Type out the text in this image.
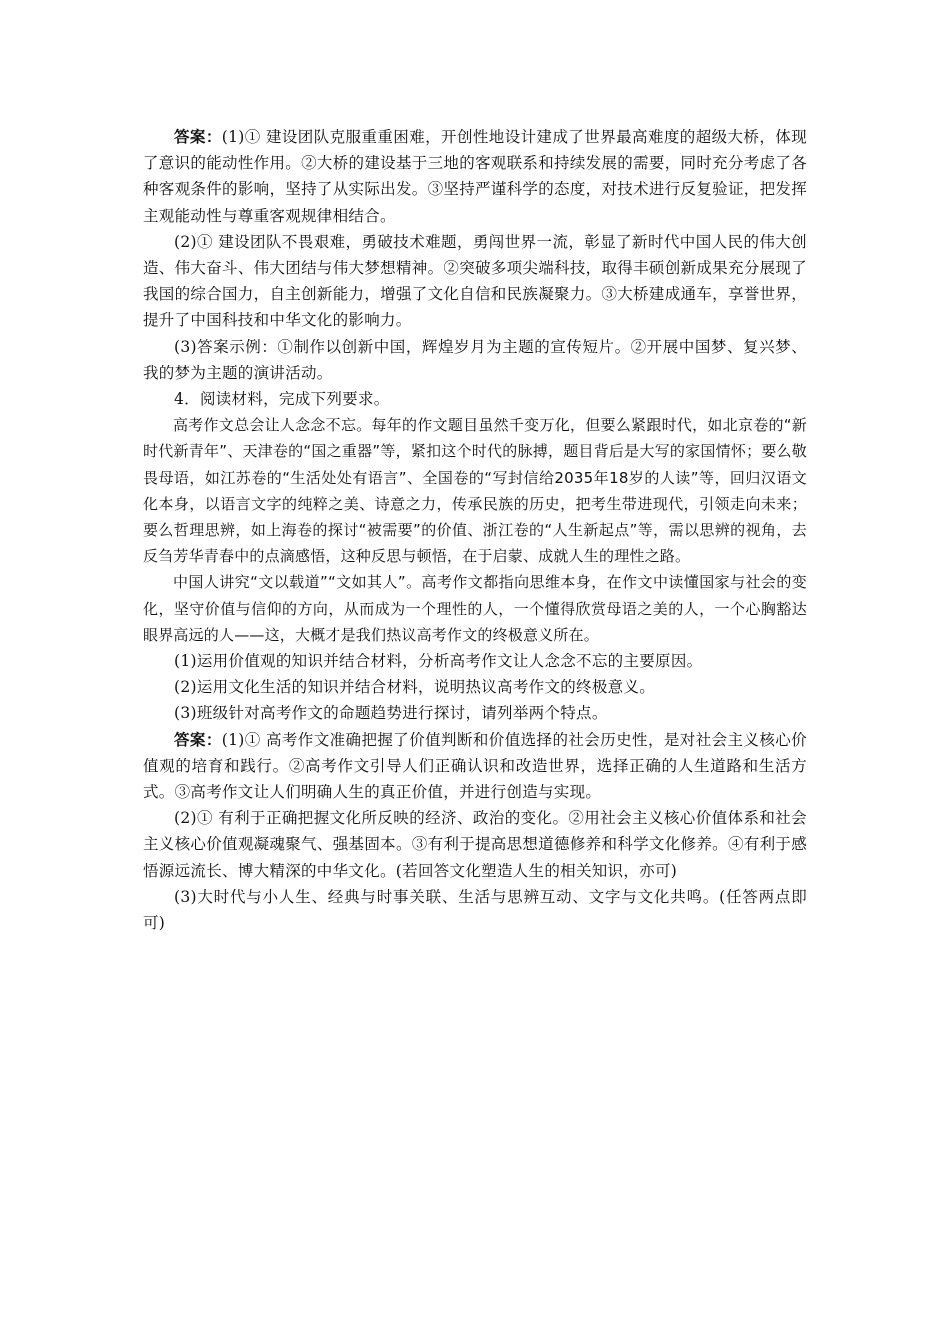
答案：(1)① 建设团队克服重重困难，开创性地设计建成了世界最高难度的超级大桥，体现了意识的能动性作用。②大桥的建设基于三地的客观联系和持续发展的需要，同时充分考虑了各种客观条件的影响，坚持了从实际出发。③坚持严谨科学的态度，对技术进行反复验证，把发挥主观能动性与尊重客观规律相结合。

(2)① 建设团队不畏艰难，勇破技术难题，勇闯世界一流，彰显了新时代中国人民的伟大创造、伟大奋斗、伟大团结与伟大梦想精神。②突破多项尖端科技，取得丰硕创新成果充分展现了我国的综合国力，自主创新能力，增强了文化自信和民族凝聚力。③大桥建成通车，享誉世界，提升了中国科技和中华文化的影响力。

(3)答案示例：①制作以创新中国，辉煌岁月为主题的宣传短片。②开展中国梦、复兴梦、我的梦为主题的演讲活动。

4．阅读材料，完成下列要求。

高考作文总会让人念念不忘。每年的作文题目虽然千变万化，但要么紧跟时代，如北京卷的“新时代新青年”、天津卷的“国之重器”等，紧扣这个时代的脉搏，题目背后是大写的家国情怀；要么敬畏母语，如江苏卷的“生活处处有语言”、全国卷的“写封信给2035年18岁的人读”等，回归汉语文化本身，以语言文字的纯粹之美、诗意之力，传承民族的历史，把考生带进现代，引领走向未来；要么哲理思辨，如上海卷的探讨“被需要”的价值、浙江卷的“人生新起点”等，需以思辨的视角，去反刍芳华青春中的点滴感悟，这种反思与顿悟，在于启蒙、成就人生的理性之路。

中国人讲究“文以载道”“文如其人”。高考作文都指向思维本身，在作文中读懂国家与社会的变化，坚守价值与信仰的方向，从而成为一个理性的人，一个懂得欣赏母语之美的人，一个心胸豁达眼界高远的人——这，大概才是我们热议高考作文的终极意义所在。

(1)运用价值观的知识并结合材料，分析高考作文让人念念不忘的主要原因。

(2)运用文化生活的知识并结合材料，说明热议高考作文的终极意义。

(3)班级针对高考作文的命题趋势进行探讨，请列举两个特点。

答案：(1)① 高考作文准确把握了价值判断和价值选择的社会历史性，是对社会主义核心价值观的培育和践行。②高考作文引导人们正确认识和改造世界，选择正确的人生道路和生活方式。③高考作文让人们明确人生的真正价值，并进行创造与实现。

(2)① 有利于正确把握文化所反映的经济、政治的变化。②用社会主义核心价值体系和社会主义核心价值观凝魂聚气、强基固本。③有利于提高思想道德修养和科学文化修养。④有利于感悟源远流长、博大精深的中华文化。(若回答文化塑造人生的相关知识，亦可)

(3)大时代与小人生、经典与时事关联、生活与思辨互动、文字与文化共鸣。(任答两点即可)
